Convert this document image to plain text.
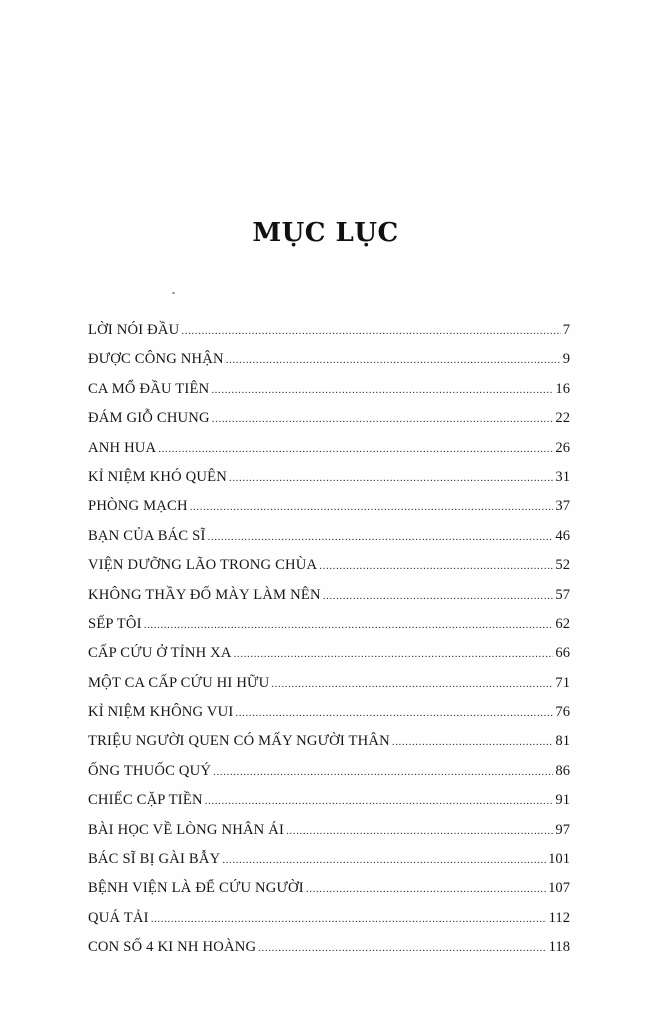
MỤC LỤC
LỜI NÓI ĐẦU .....	7
ĐƯỢC CÔNG NHẬN .....	9
CA MỔ ĐẦU TIÊN .....	16
ĐÁM GIỖ CHUNG .....	22
ANH HUA .....	26
KỈ NIỆM KHÓ QUÊN .....	31
PHÒNG MẠCH .....	37
BẠN CỦA BÁC SĨ .....	46
VIỆN DƯỠNG LÃO TRONG CHÙA .....	52
KHÔNG THẦY ĐỐ MÀY LÀM NÊN .....	57
SẾP TÔI .....	62
CẤP CỨU Ở TỈNH XA .....	66
MỘT CA CẤP CỨU HI HỮU .....	71
KỈ NIỆM KHÔNG VUI .....	76
TRIỆU NGƯỜI QUEN CÓ MẤY NGƯỜI THÂN .....	81
ỐNG THUỐC QUÝ .....	86
CHIẾC CẶP TIỀN .....	91
BÀI HỌC VỀ LÒNG NHÂN ÁI .....	97
BÁC SĨ BỊ GÀI BẪY .....	101
BỆNH VIỆN LÀ ĐỂ CỨU NGƯỜI .....	107
QUÁ TẢI .....	112
CON SỐ 4 KI NH HOÀNG .....	118
